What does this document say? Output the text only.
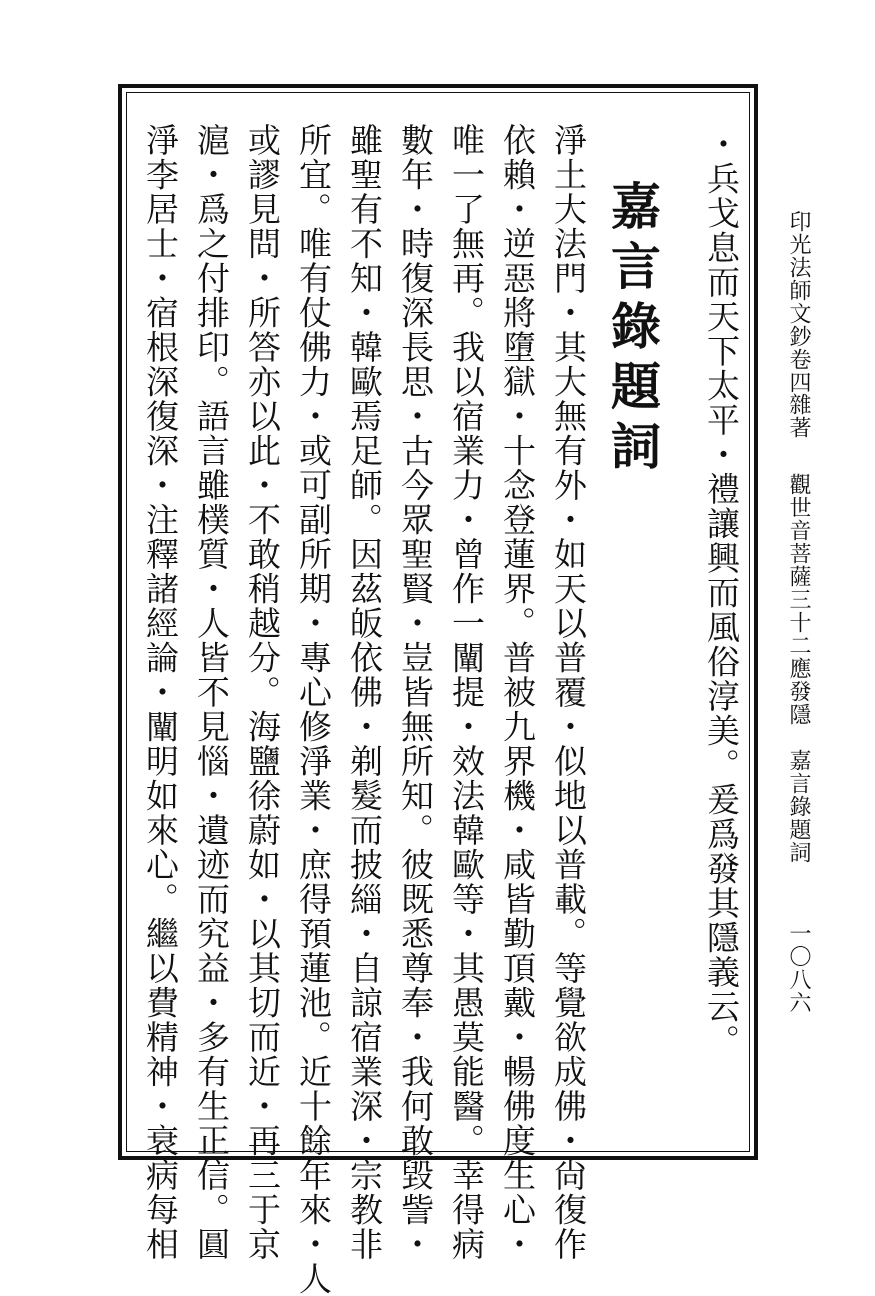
印光法師文鈔卷四
雜著
觀世音菩薩三十二應發隱　嘉言錄題詞
一〇八六
・兵戈息而天下太平・禮讓興而風俗淳美。爰爲發其隱義云。
嘉言錄題詞
淨土大法門・其大無有外・如天以普覆・似地以普載。等覺欲成佛・尙復作
依賴・逆惡將墮獄・十念登蓮界。普被九界機・咸皆勤頂戴・暢佛度生心・
唯一了無再。我以宿業力・曾作一闡提・效法韓歐等・其愚莫能醫。幸得病
數年・時復深長思・古今眾聖賢・豈皆無所知。彼既悉尊奉・我何敢毀訾・
雖聖有不知・韓歐焉足師。因茲皈依佛・剃髮而披緇・自諒宿業深・宗教非
所宜。唯有仗佛力・或可副所期・專心修淨業・庶得預蓮池。近十餘年來・人
或謬見問・所答亦以此・不敢稍越分。海鹽徐蔚如・以其切而近・再三于京
滬・爲之付排印。語言雖樸質・人皆不見惱・遺迹而究益・多有生正信。圓
淨李居士・宿根深復深・注釋諸經論・闡明如來心。繼以費精神・衰病每相
